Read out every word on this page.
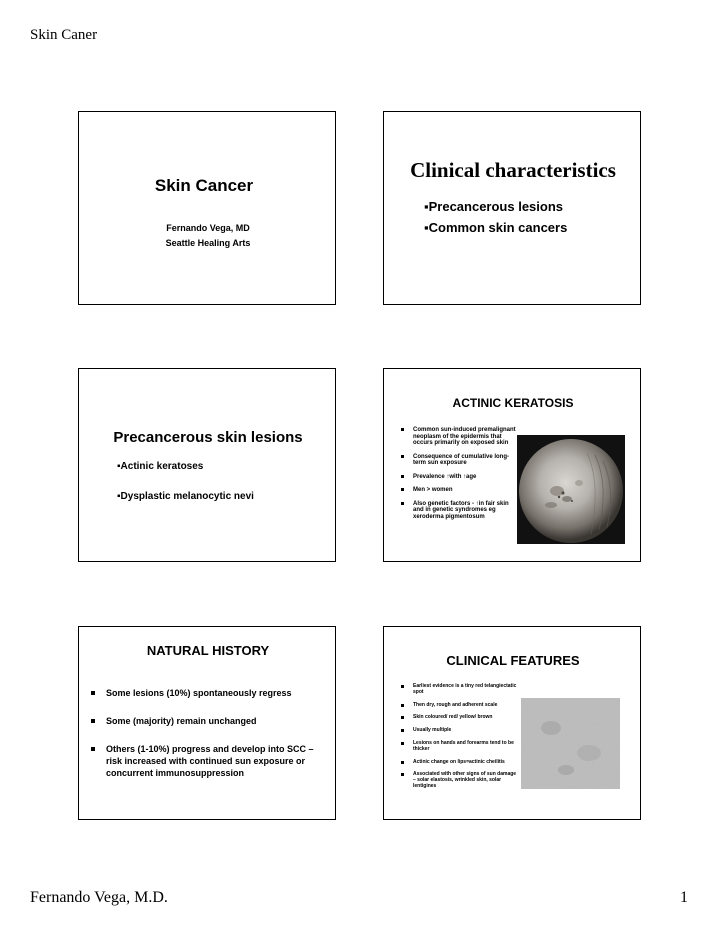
Skin Caner
Skin Cancer
Fernando Vega, MD
Seattle Healing Arts
Clinical characteristics
▪Precancerous lesions
▪Common skin cancers
Precancerous skin lesions
▪Actinic keratoses
▪Dysplastic melanocytic nevi
ACTINIC KERATOSIS
Common sun-induced premalignant neoplasm of the epidermis that occurs primarily on exposed skin
Consequence of cumulative long-term sun exposure
Prevalence ↑with ↑age
Men > women
Also genetic factors - ↑in fair skin and in genetic syndromes eg xeroderma pigmentosum
NATURAL HISTORY
Some lesions (10%) spontaneously regress
Some (majority) remain unchanged
Others (1-10%) progress and develop into SCC – risk increased with continued sun exposure or concurrent immunosuppression
CLINICAL FEATURES
Earliest evidence is a tiny red telangiectatic spot
Then dry, rough and adherent scale
Skin coloured/ red/ yellow/ brown
Usually multiple
Lesions on hands and forearms tend to be thicker
Actinic change on lips=actinic cheilitis
Associated with other signs of sun damage – solar elastosis, wrinkled skin, solar lentigines
Fernando Vega, M.D.	1
